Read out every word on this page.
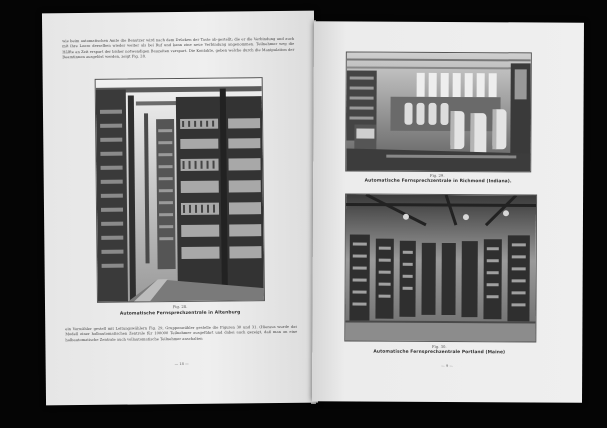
wie beim automatischen Amte die Benutzer wird nach dem Drücken der Taste ab-gestellt; die er die Verbindung und auch mit ihre Leere derselben wieder weiter als bei Ruf und kann eine neue Verbindung angenommen. Teilnehmer weg die Hälfte an Zeit erspart der bisher notwendigen Bauzeiten verspart. Die Kontakte, geben welche durch die Manipulation der Beamtinnen ausgelöst werden, zeigt Fig. 28.
Fig. 28.
Automatische Fernsprechzentrale in Altenburg
ein Vorwähler gestell mit Leitungswählern Fig. 29, Gruppenwähler gestelle die Figuren 30 und 31. (Hieraus wurde das Modell einer halbautomatischen Zentrale für 100000 Teilnehmer ausgeführt und dabei auch gezeigt, daß man an eine halbautomatische Zentrale auch vollautomatische Teilnehmer anschalten
— 18 —
Fig. 29.
Automatische Fernsprechzentrale in Richmond (Indiana).
Fig. 30.
Automatische Fernsprechzentrale Portland (Maine)
— 9 —
